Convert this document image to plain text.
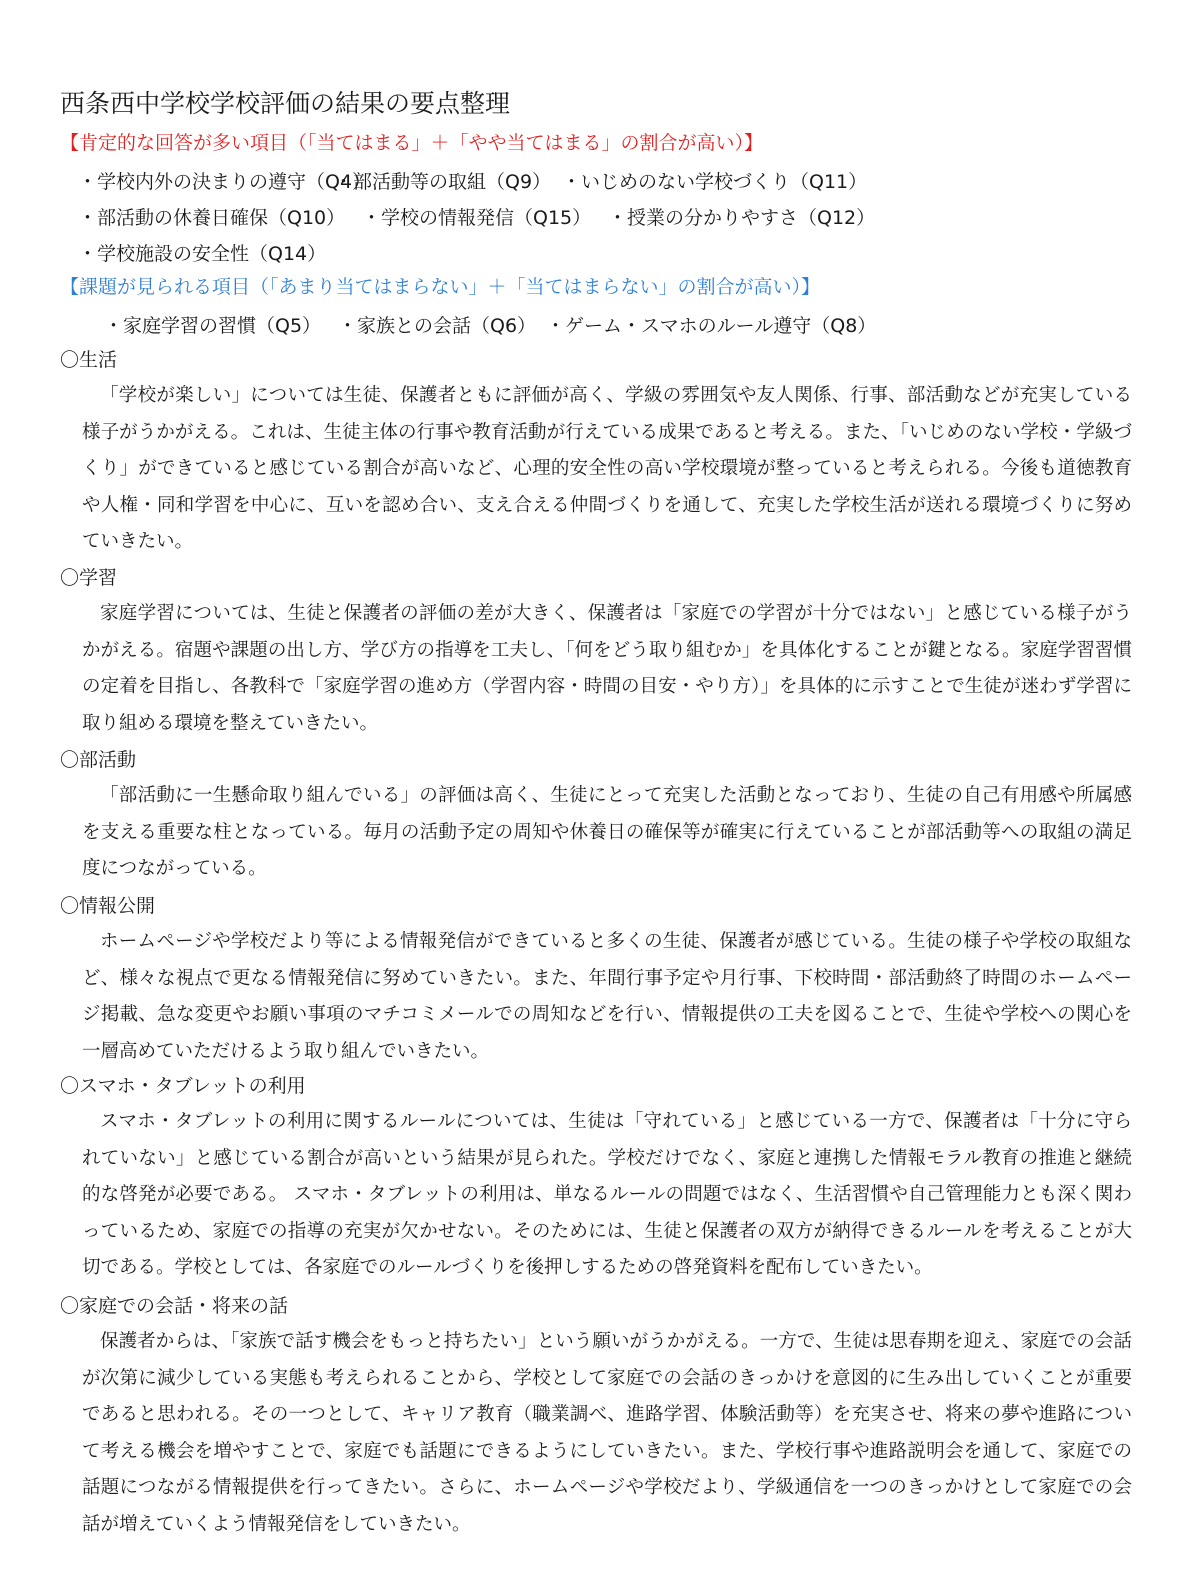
西条西中学校学校評価の結果の要点整理
【肯定的な回答が多い項目（「当てはまる」＋「やや当てはまる」の割合が高い）】
・学校内外の決まりの遵守（Q4）
・部活動等の取組（Q9） ・いじめのない学校づくり（Q11）
・部活動の休養日確保（Q10） ・学校の情報発信（Q15） ・授業の分かりやすさ（Q12）
・学校施設の安全性（Q14）
【課題が見られる項目（「あまり当てはまらない」＋「当てはまらない」の割合が高い）】
・家庭学習の習慣（Q5） ・家族との会話（Q6） ・ゲーム・スマホのルール遵守（Q8）
〇生活
「学校が楽しい」については生徒、保護者ともに評価が高く、学級の雰囲気や友人関係、行事、部活動などが充実している様子がうかがえる。これは、生徒主体の行事や教育活動が行えている成果であると考える。また、「いじめのない学校・学級づくり」ができていると感じている割合が高いなど、心理的安全性の高い学校環境が整っていると考えられる。今後も道徳教育や人権・同和学習を中心に、互いを認め合い、支え合える仲間づくりを通して、充実した学校生活が送れる環境づくりに努めていきたい。
〇学習
家庭学習については、生徒と保護者の評価の差が大きく、保護者は「家庭での学習が十分ではない」と感じている様子がうかがえる。宿題や課題の出し方、学び方の指導を工夫し、「何をどう取り組むか」を具体化することが鍵となる。家庭学習習慣の定着を目指し、各教科で「家庭学習の進め方（学習内容・時間の目安・やり方）」を具体的に示すことで生徒が迷わず学習に取り組める環境を整えていきたい。
〇部活動
「部活動に一生懸命取り組んでいる」の評価は高く、生徒にとって充実した活動となっており、生徒の自己有用感や所属感を支える重要な柱となっている。毎月の活動予定の周知や休養日の確保等が確実に行えていることが部活動等への取組の満足度につながっている。
〇情報公開
ホームページや学校だより等による情報発信ができていると多くの生徒、保護者が感じている。生徒の様子や学校の取組など、様々な視点で更なる情報発信に努めていきたい。また、年間行事予定や月行事、下校時間・部活動終了時間のホームページ掲載、急な変更やお願い事項のマチコミメールでの周知などを行い、情報提供の工夫を図ることで、生徒や学校への関心を一層高めていただけるよう取り組んでいきたい。
〇スマホ・タブレットの利用
スマホ・タブレットの利用に関するルールについては、生徒は「守れている」と感じている一方で、保護者は「十分に守られていない」と感じている割合が高いという結果が見られた。学校だけでなく、家庭と連携した情報モラル教育の推進と継続的な啓発が必要である。 スマホ・タブレットの利用は、単なるルールの問題ではなく、生活習慣や自己管理能力とも深く関わっているため、家庭での指導の充実が欠かせない。そのためには、生徒と保護者の双方が納得できるルールを考えることが大切である。学校としては、各家庭でのルールづくりを後押しするための啓発資料を配布していきたい。
〇家庭での会話・将来の話
保護者からは、「家族で話す機会をもっと持ちたい」という願いがうかがえる。一方で、生徒は思春期を迎え、家庭での会話が次第に減少している実態も考えられることから、学校として家庭での会話のきっかけを意図的に生み出していくことが重要であると思われる。その一つとして、キャリア教育（職業調べ、進路学習、体験活動等）を充実させ、将来の夢や進路について考える機会を増やすことで、家庭でも話題にできるようにしていきたい。また、学校行事や進路説明会を通して、家庭での話題につながる情報提供を行ってきたい。さらに、ホームページや学校だより、学級通信を一つのきっかけとして家庭での会話が増えていくよう情報発信をしていきたい。
